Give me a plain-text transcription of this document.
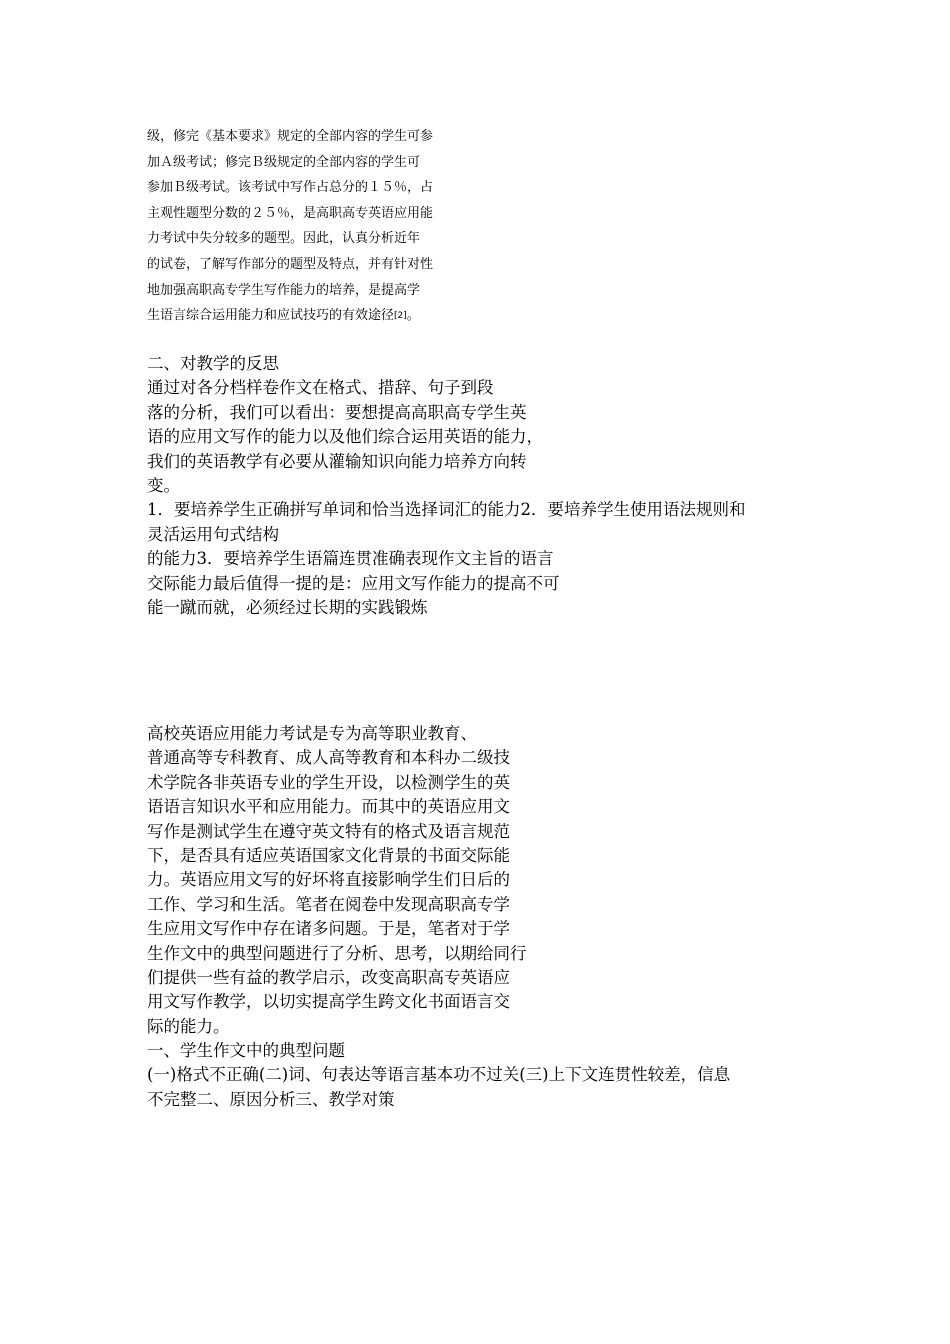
级，修完《基本要求》规定的全部内容的学生可参
加Ａ级考试；修完Ｂ级规定的全部内容的学生可
参加Ｂ级考试。该考试中写作占总分的１５％，占
主观性题型分数的２５％，是高职高专英语应用能
力考试中失分较多的题型。因此，认真分析近年
的试卷，了解写作部分的题型及特点，并有针对性
地加强高职高专学生写作能力的培养，是提高学
生语言综合运用能力和应试技巧的有效途径[2]。
二、对教学的反思
通过对各分档样卷作文在格式、措辞、句子到段
落的分析，我们可以看出：要想提高高职高专学生英
语的应用文写作的能力以及他们综合运用英语的能力，
我们的英语教学有必要从灌输知识向能力培养方向转
变。
1．要培养学生正确拼写单词和恰当选择词汇的能力2．要培养学生使用语法规则和
灵活运用句式结构
的能力3．要培养学生语篇连贯准确表现作文主旨的语言
交际能力最后值得一提的是：应用文写作能力的提高不可
能一蹴而就，必须经过长期的实践锻炼
高校英语应用能力考试是专为高等职业教育、
普通高等专科教育、成人高等教育和本科办二级技
术学院各非英语专业的学生开设，以检测学生的英
语语言知识水平和应用能力。而其中的英语应用文
写作是测试学生在遵守英文特有的格式及语言规范
下，是否具有适应英语国家文化背景的书面交际能
力。英语应用文写的好坏将直接影响学生们日后的
工作、学习和生活。笔者在阅卷中发现高职高专学
生应用文写作中存在诸多问题。于是，笔者对于学
生作文中的典型问题进行了分析、思考，以期给同行
们提供一些有益的教学启示，改变高职高专英语应
用文写作教学，以切实提高学生跨文化书面语言交
际的能力。
一、学生作文中的典型问题
(一)格式不正确(二)词、句表达等语言基本功不过关(三)上下文连贯性较差，信息
不完整二、原因分析三、教学对策
